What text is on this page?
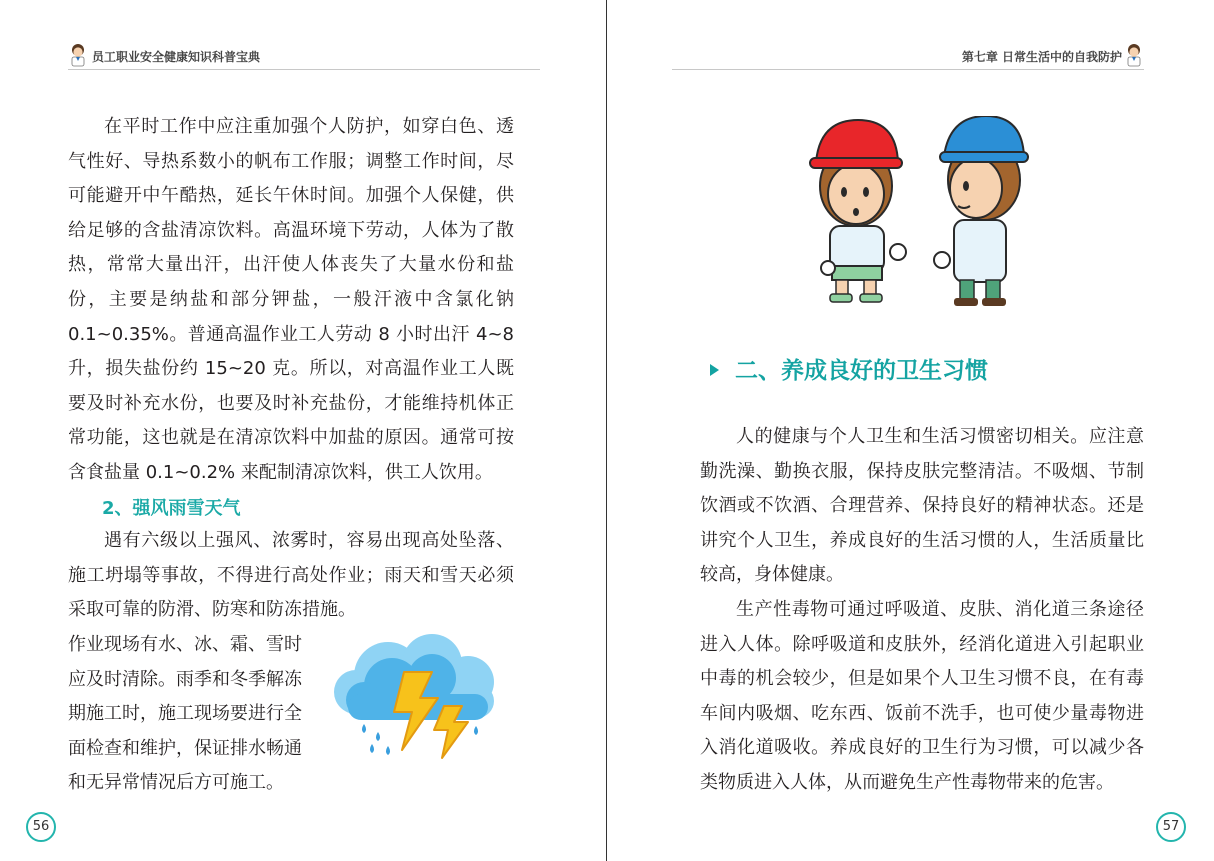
员工职业安全健康知识科普宝典

在平时工作中应注重加强个人防护，如穿白色、透气性好、导热系数小的帆布工作服；调整工作时间，尽可能避开中午酷热，延长午休时间。加强个人保健，供给足够的含盐清凉饮料。高温环境下劳动，人体为了散热，常常大量出汗，出汗使人体丧失了大量水份和盐份，主要是纳盐和部分钾盐，一般汗液中含氯化钠 0.1~0.35%。普通高温作业工人劳动 8 小时出汗 4~8 升，损失盐份约 15~20 克。所以，对高温作业工人既要及时补充水份，也要及时补充盐份，才能维持机体正常功能，这也就是在清凉饮料中加盐的原因。通常可按含食盐量 0.1~0.2% 来配制清凉饮料，供工人饮用。

2、强风雨雪天气

遇有六级以上强风、浓雾时，容易出现高处坠落、施工坍塌等事故，不得进行高处作业；雨天和雪天必须采取可靠的防滑、防寒和防冻措施。

作业现场有水、冰、霜、雪时

应及时清除。雨季和冬季解冻

期施工时，施工现场要进行全

面检查和维护，保证排水畅通

和无异常情况后方可施工。

56
第七章 日常生活中的自我防护
二、养成良好的卫生习惯

人的健康与个人卫生和生活习惯密切相关。应注意勤洗澡、勤换衣服，保持皮肤完整清洁。不吸烟、节制饮酒或不饮酒、合理营养、保持良好的精神状态。还是讲究个人卫生，养成良好的生活习惯的人，生活质量比较高，身体健康。

生产性毒物可通过呼吸道、皮肤、消化道三条途径进入人体。除呼吸道和皮肤外，经消化道进入引起职业中毒的机会较少，但是如果个人卫生习惯不良，在有毒车间内吸烟、吃东西、饭前不洗手，也可使少量毒物进入消化道吸收。养成良好的卫生行为习惯，可以减少各类物质进入人体，从而避免生产性毒物带来的危害。

57
